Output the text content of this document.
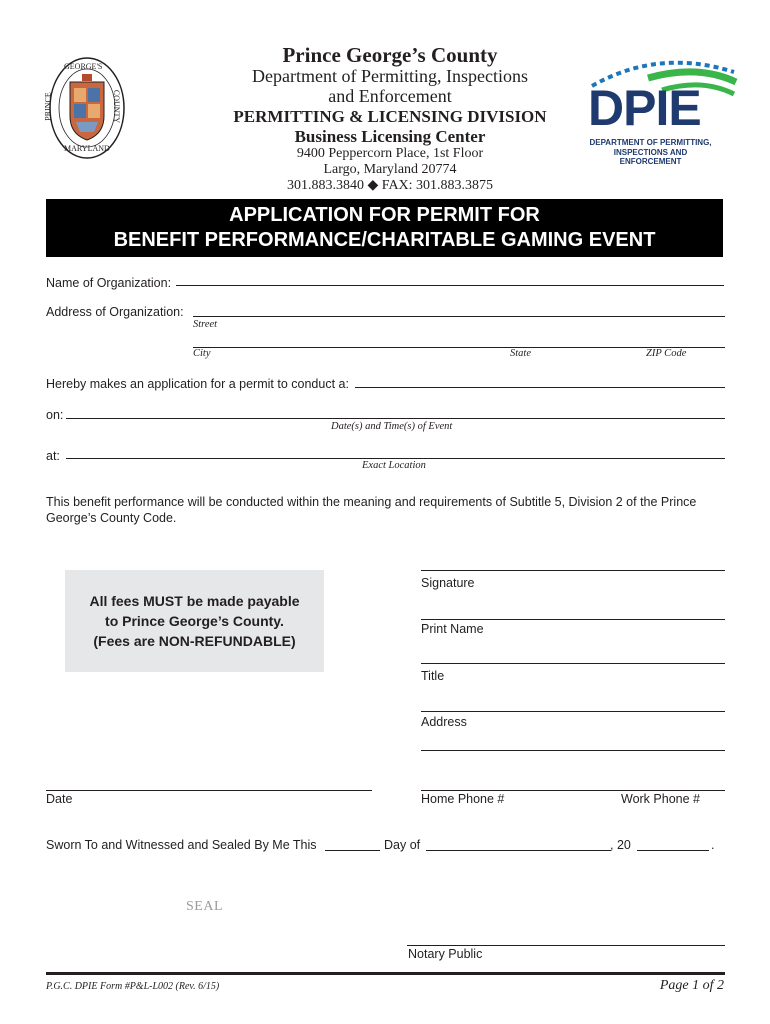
GEORGE'S
MARYLAND
PRINCE	COUNTY
Prince George’s County
Department of Permitting, Inspections
and Enforcement
PERMITTING & LICENSING DIVISION
Business Licensing Center
9400 Peppercorn Place, 1st Floor
Largo, Maryland 20774
301.883.3840 ◆ FAX: 301.883.3875
DPIE
DEPARTMENT OF PERMITTING,
INSPECTIONS AND ENFORCEMENT
APPLICATION FOR PERMIT FOR
BENEFIT PERFORMANCE/CHARITABLE GAMING EVENT
Name of Organization:
Address of Organization:
Street
City	State	ZIP Code
Hereby makes an application for a permit to conduct a:
on:
Date(s) and Time(s) of Event
at:
Exact Location
This benefit performance will be conducted within the meaning and requirements of Subtitle 5, Division 2 of the Prince
George’s County Code.
All fees MUST be made payable
to Prince George’s County.
(Fees are NON-REFUNDABLE)
Signature
Print Name
Title
Address
Date	Home Phone #	Work Phone #
Sworn To and Witnessed and Sealed By Me This	Day of	, 20	.
SEAL
Notary Public
P.G.C. DPIE Form #P&L-L002 (Rev. 6/15)	Page 1 of 2
